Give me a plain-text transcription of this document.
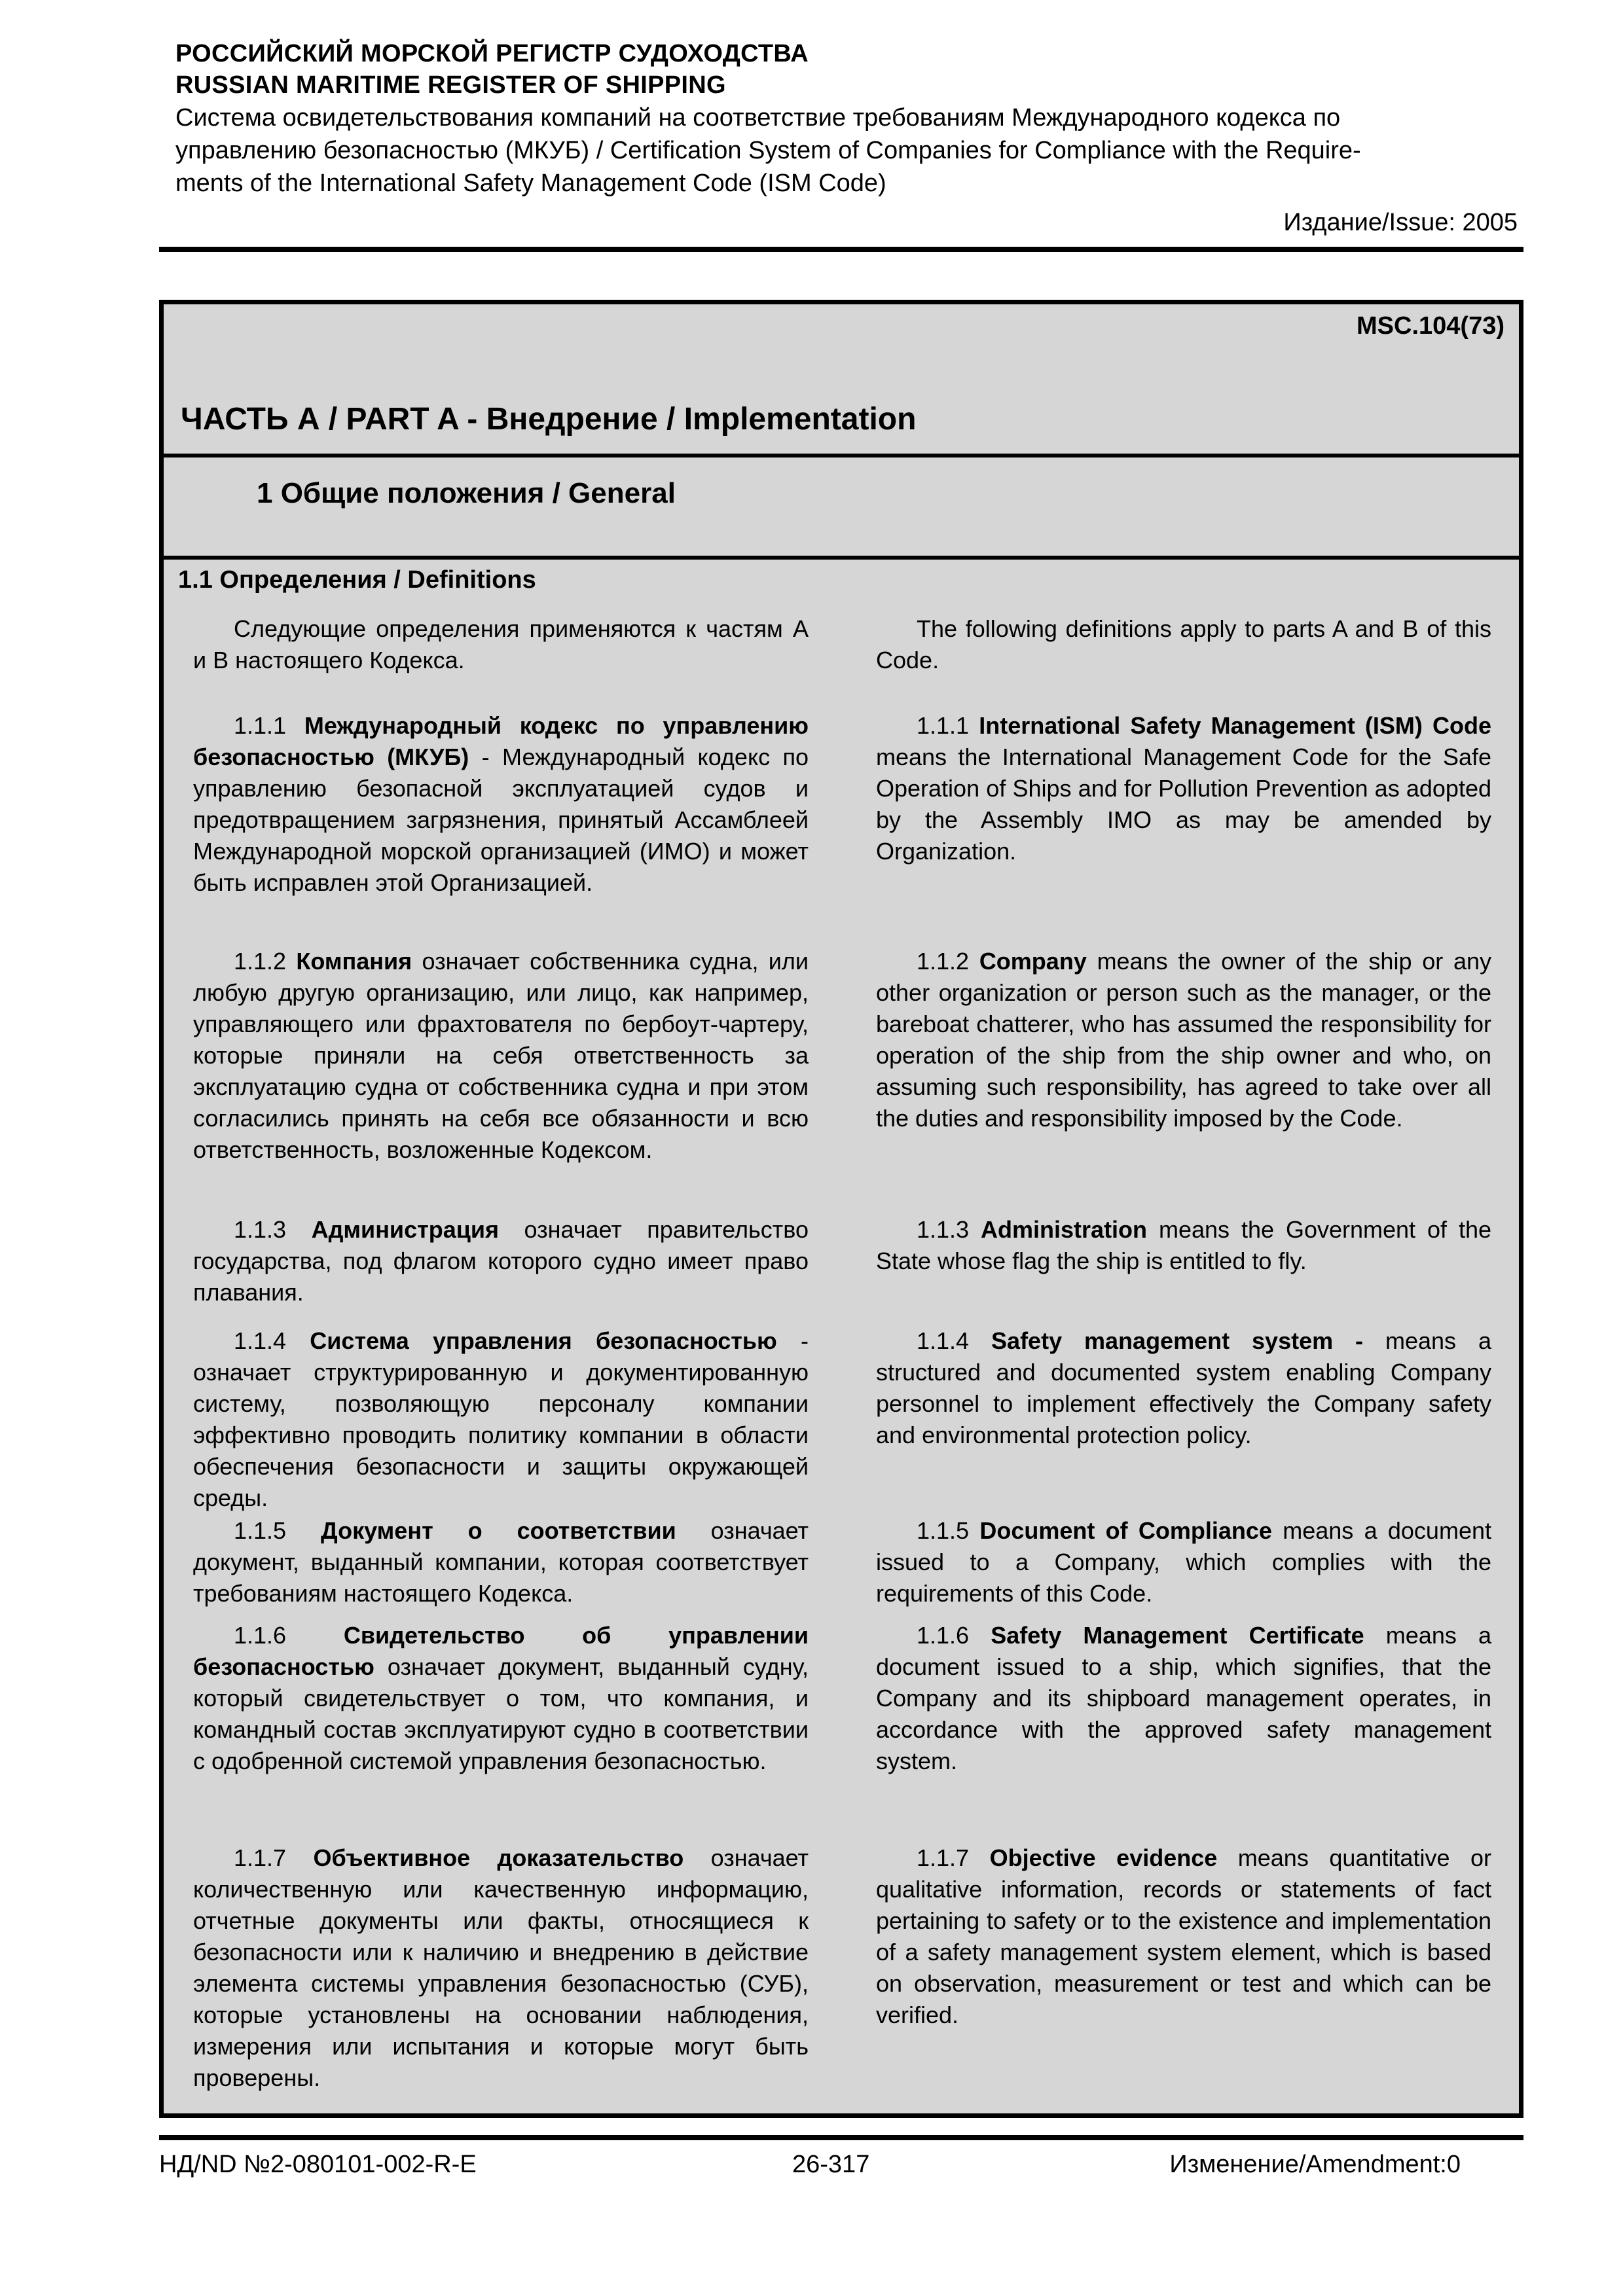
РОССИЙСКИЙ МОРСКОЙ РЕГИСТР СУДОХОДСТВА
RUSSIAN MARITIME REGISTER OF SHIPPING
Система освидетельствования компаний на соответствие требованиям Международного кодекса по
управлению безопасностью (МКУБ) / Certification System of Companies for Compliance with the Require-
ments of the International Safety Management Code (ISM Code)
Издание/Issue: 2005
MSC.104(73)
ЧАСТЬ А / PART A - Внедрение / Implementation
1 Общие положения / General
1.1 Определения / Definitions

Следующие определения применяются к частям А и В настоящего Кодекса.

The following definitions apply to parts A and B of this Code.

1.1.1 Международный кодекс по управлению безопасностью (МКУБ) - Международный кодекс по управлению безопасной эксплуатацией судов и предотвращением загрязнения, принятый Ассамблеей Международной морской организацией (ИМО) и может быть исправлен этой Организацией.

1.1.1 International Safety Management (ISM) Code means the International Management Code for the Safe Operation of Ships and for Pollution Prevention as adopted by the Assembly IMO as may be amended by Organization.

1.1.2 Компания означает собственника судна, или любую другую организацию, или лицо, как например, управляющего или фрахтователя по бербоут-чартеру, которые приняли на себя ответственность за эксплуатацию судна от собственника судна и при этом согласились принять на себя все обязанности и всю ответственность, возложенные Кодексом.

1.1.2 Company means the owner of the ship or any other organization or person such as the manager, or the bareboat chatterer, who has assumed the responsibility for operation of the ship from the ship owner and who, on assuming such responsibility, has agreed to take over all the duties and responsibility imposed by the Code.

1.1.3 Администрация означает правительство государства, под флагом которого судно имеет право плавания.

1.1.3 Administration means the Government of the State whose flag the ship is entitled to fly.

1.1.4 Система управления безопасностью - означает структурированную и документированную систему, позволяющую персоналу компании эффективно проводить политику компании в области обеспечения безопасности и защиты окружающей среды.

1.1.4 Safety management system - means a structured and documented system enabling Company personnel to implement effectively the Company safety and environmental protection policy.

1.1.5 Документ о соответствии означает документ, выданный компании, которая соответствует требованиям настоящего Кодекса.

1.1.5 Document of Compliance means a document issued to a Company, which complies with the requirements of this Code.

1.1.6 Свидетельство об управлении безопасностью означает документ, выданный судну, который свидетельствует о том, что компания, и командный состав эксплуатируют судно в соответствии с одобренной системой управления безопасностью.

1.1.6 Safety Management Certificate means a document issued to a ship, which signifies, that the Company and its shipboard management operates, in accordance with the approved safety management system.

1.1.7 Объективное доказательство означает количественную или качественную информацию, отчетные документы или факты, относящиеся к безопасности или к наличию и внедрению в действие элемента системы управления безопасностью (СУБ), которые установлены на основании наблюдения, измерения или испытания и которые могут быть проверены.

1.1.7 Objective evidence means quantitative or qualitative information, records or statements of fact pertaining to safety or to the existence and implementation of a safety management system element, which is based on observation, measurement or test and which can be verified.

НД/ND №2-080101-002-R-E	26-317	Изменение/Amendment:0
